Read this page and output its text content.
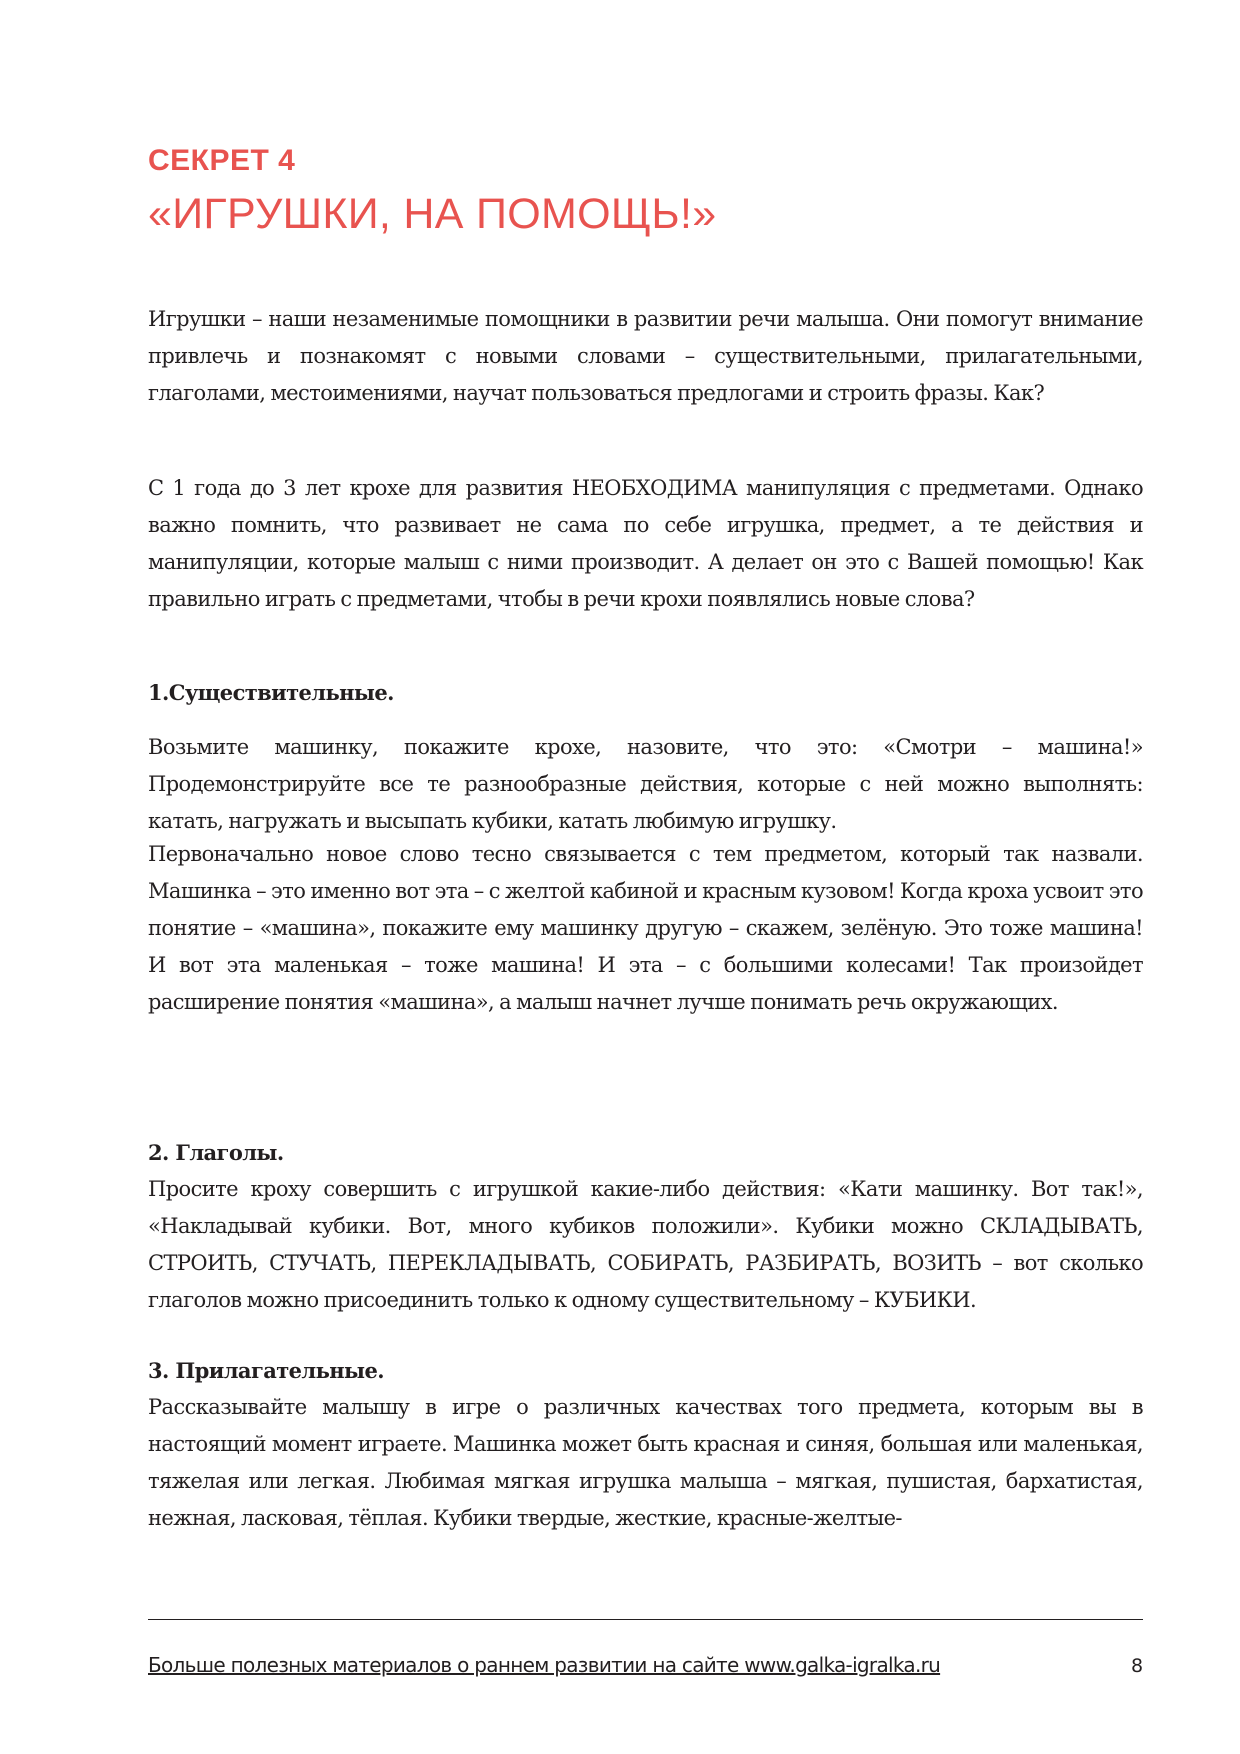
СЕКРЕТ 4
«ИГРУШКИ, НА ПОМОЩЬ!»

Игрушки – наши незаменимые помощники в развитии речи малыша. Они помогут внимание привлечь и познакомят с новыми словами – существительными, прилагательными, глаголами, местоимениями, научат пользоваться предлогами и строить фразы. Как?

С 1 года до 3 лет крохе для развития НЕОБХОДИМА манипуляция с предметами. Однако важно помнить, что развивает не сама по себе игрушка, предмет, а те действия и манипуляции, которые малыш с ними производит. А делает он это с Вашей помощью! Как правильно играть с предметами, чтобы в речи крохи появлялись новые слова?

1.Существительные.

Возьмите машинку, покажите крохе, назовите, что это: «Смотри – машина!» Продемонстрируйте все те разнообразные действия, которые с ней можно выполнять: катать, нагружать и высыпать кубики, катать любимую игрушку.

Первоначально новое слово тесно связывается с тем предметом, который так назвали. Машинка – это именно вот эта – с желтой кабиной и красным кузовом! Когда кроха усвоит это понятие – «машина», покажите ему машинку другую – скажем, зелёную. Это тоже машина! И вот эта маленькая – тоже машина! И эта – с большими колесами! Так произойдет расширение понятия «машина», а малыш начнет лучше понимать речь окружающих.

2. Глаголы.

Просите кроху совершить с игрушкой какие-либо действия: «Кати машинку. Вот так!», «Накладывай кубики. Вот, много кубиков положили». Кубики можно СКЛАДЫВАТЬ, СТРОИТЬ, СТУЧАТЬ, ПЕРЕКЛАДЫВАТЬ, СОБИРАТЬ, РАЗБИРАТЬ, ВОЗИТЬ – вот сколько глаголов можно присоединить только к одному существительному – КУБИКИ.

3. Прилагательные.

Рассказывайте малышу в игре о различных качествах того предмета, которым вы в настоящий момент играете. Машинка может быть красная и синяя, большая или маленькая, тяжелая или легкая. Любимая мягкая игрушка малыша – мягкая, пушистая, бархатистая, нежная, ласковая, тёплая. Кубики твердые, жесткие, красные-желтые-

Больше полезных материалов о раннем развитии на сайте www.galka-igralka.ru	8
